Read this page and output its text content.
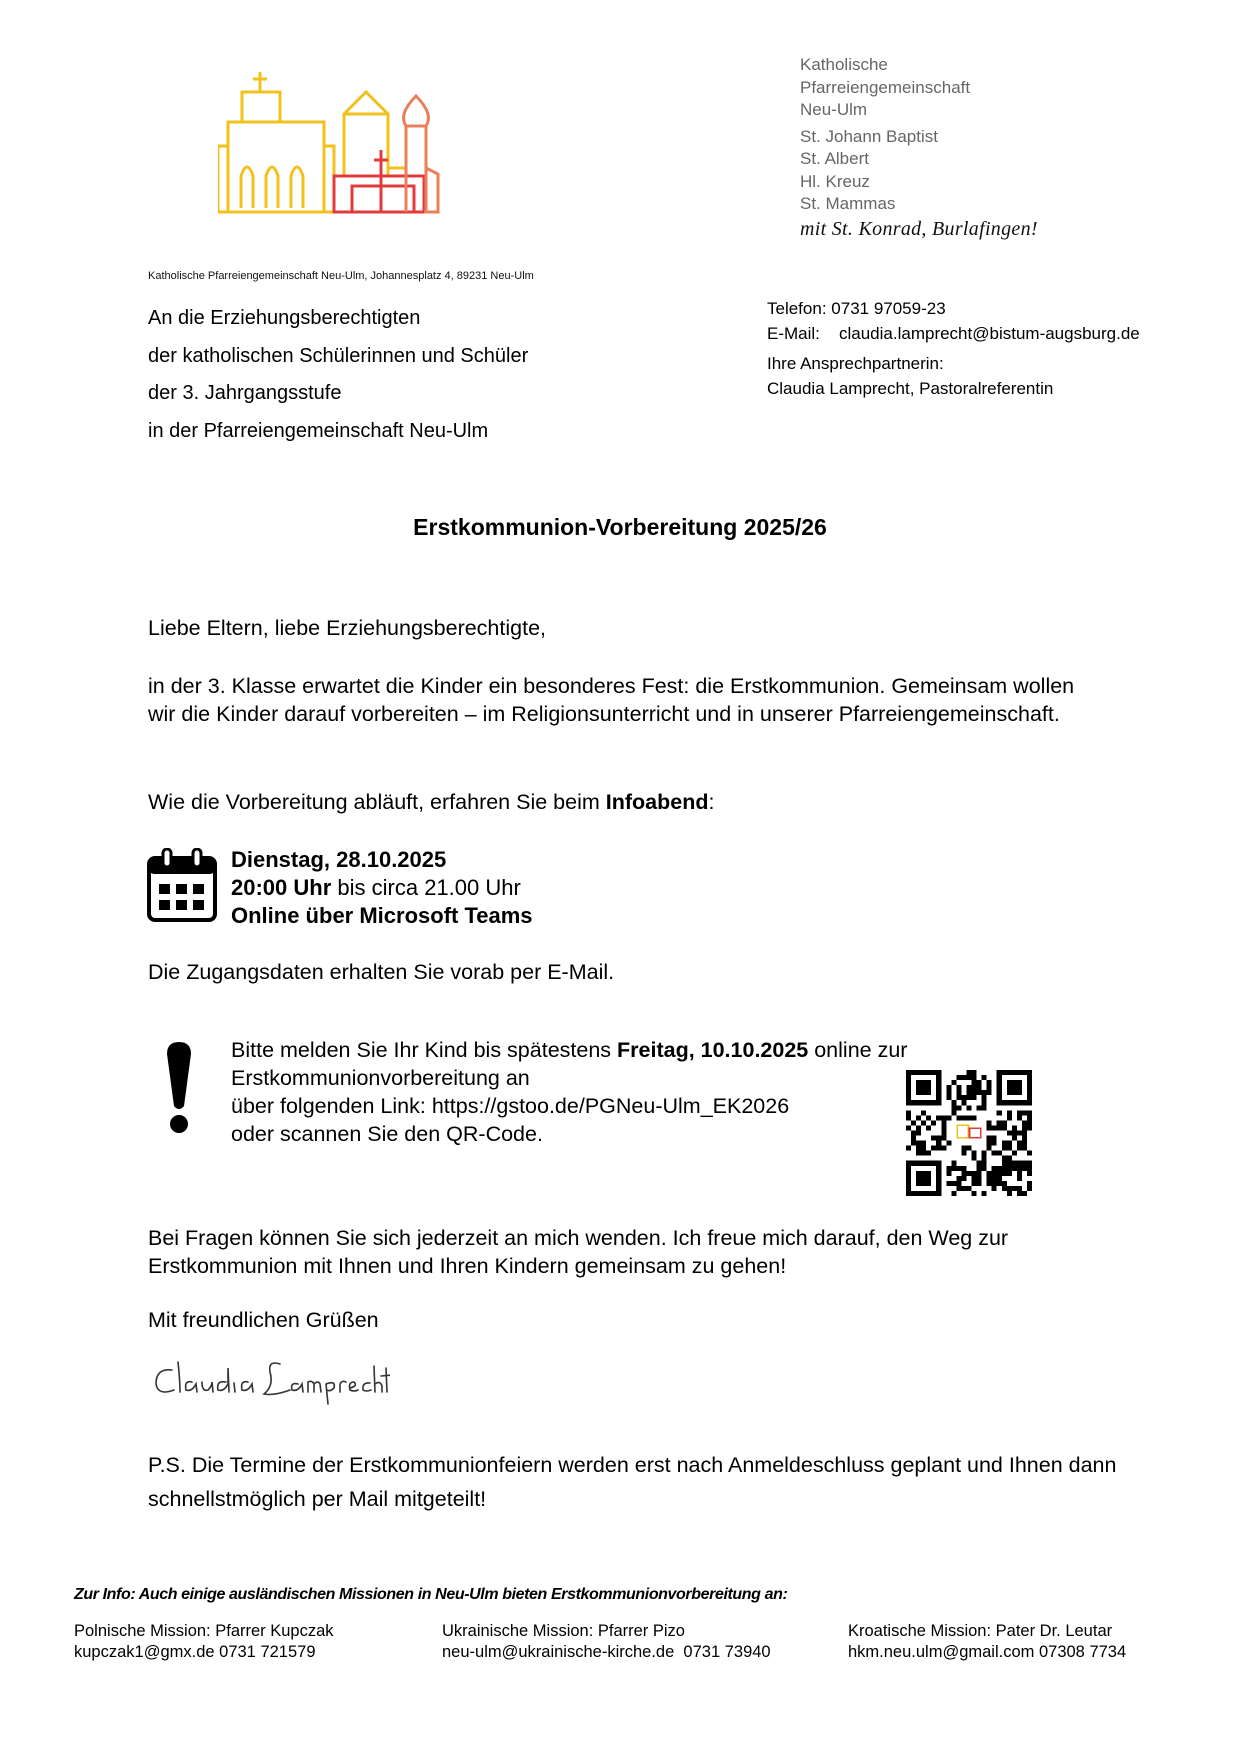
Katholische
Pfarreiengemeinschaft
Neu-Ulm
St. Johann Baptist
St. Albert
Hl. Kreuz
St. Mammas
mit St. Konrad, Burlafingen!
Katholische Pfarreiengemeinschaft Neu-Ulm, Johannesplatz 4, 89231 Neu-Ulm
An die Erziehungsberechtigten
der katholischen Schülerinnen und Schüler
der 3. Jahrgangsstufe
in der Pfarreiengemeinschaft Neu-Ulm
Telefon: 0731 97059-23
E-Mail: claudia.lamprecht@bistum-augsburg.de
Ihre Ansprechpartnerin:
Claudia Lamprecht, Pastoralreferentin
Erstkommunion-Vorbereitung 2025/26
Liebe Eltern, liebe Erziehungsberechtigte,
in der 3. Klasse erwartet die Kinder ein besonderes Fest: die Erstkommunion. Gemeinsam wollen wir die Kinder darauf vorbereiten – im Religionsunterricht und in unserer Pfarreiengemeinschaft.
Wie die Vorbereitung abläuft, erfahren Sie beim Infoabend:
Dienstag, 28.10.2025
20:00 Uhr bis circa 21.00 Uhr
Online über Microsoft Teams
Die Zugangsdaten erhalten Sie vorab per E-Mail.
Bitte melden Sie Ihr Kind bis spätestens Freitag, 10.10.2025 online zur
Erstkommunionvorbereitung an
über folgenden Link: https://gstoo.de/PGNeu-Ulm_EK2026
oder scannen Sie den QR-Code.
Bei Fragen können Sie sich jederzeit an mich wenden. Ich freue mich darauf, den Weg zur Erstkommunion mit Ihnen und Ihren Kindern gemeinsam zu gehen!
Mit freundlichen Grüßen
P.S. Die Termine der Erstkommunionfeiern werden erst nach Anmeldeschluss geplant und Ihnen dann schnellstmöglich per Mail mitgeteilt!
Zur Info: Auch einige ausländischen Missionen in Neu-Ulm bieten Erstkommunionvorbereitung an:
Polnische Mission: Pfarrer Kupczak
kupczak1@gmx.de 0731 721579
Ukrainische Mission: Pfarrer Pizo
neu-ulm@ukrainische-kirche.de  0731 73940
Kroatische Mission: Pater Dr. Leutar
hkm.neu.ulm@gmail.com 07308 7734
